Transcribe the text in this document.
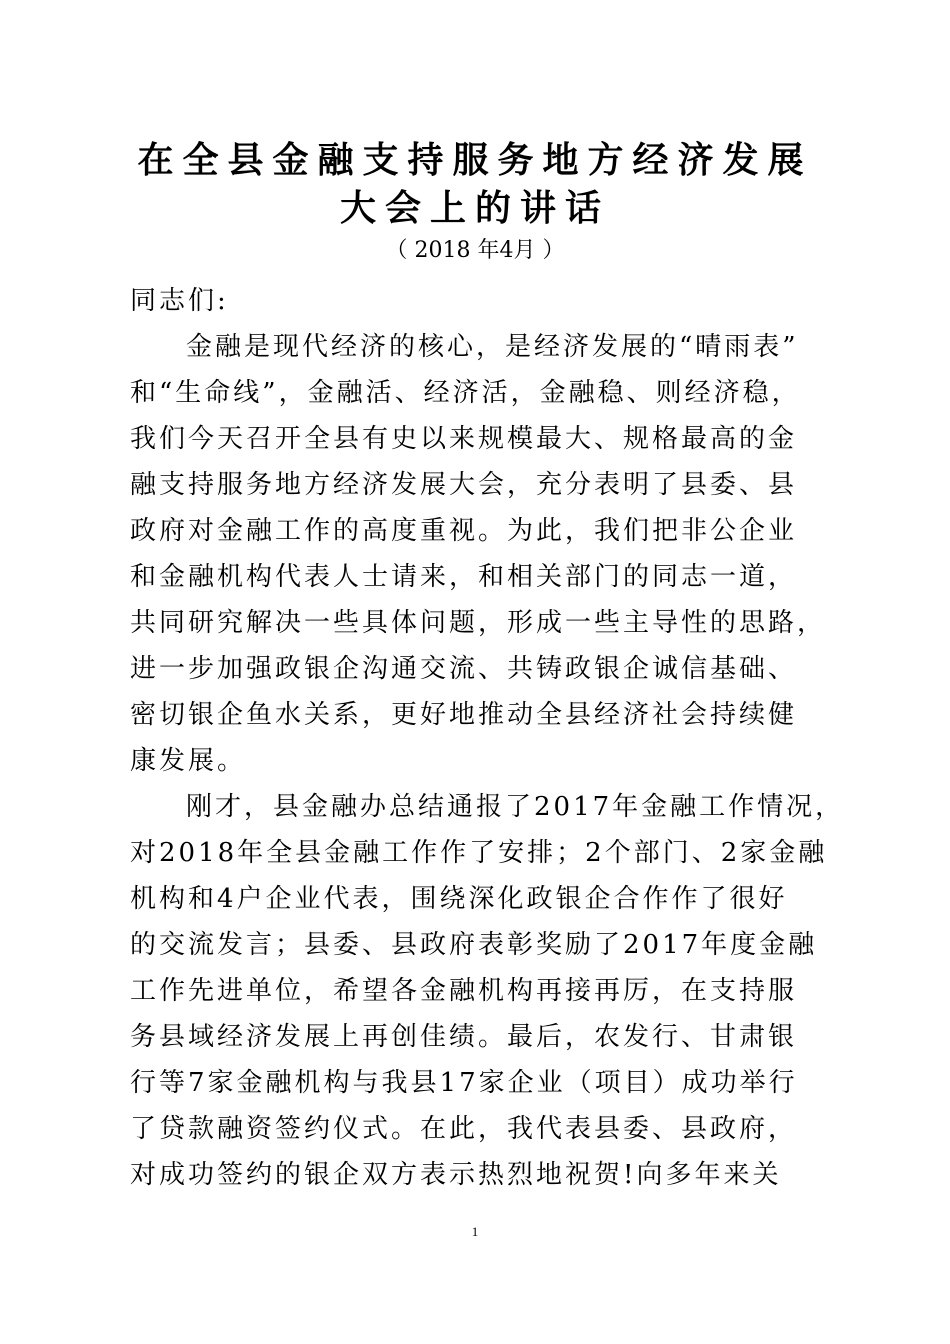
在全县金融支持服务地方经济发展
大会上的讲话
（ 2018 年4月 ）
同志们:
金融是现代经济的核心，是经济发展的“晴雨表”
和“生命线”，金融活、经济活，金融稳、则经济稳，
我们今天召开全县有史以来规模最大、规格最高的金
融支持服务地方经济发展大会，充分表明了县委、县
政府对金融工作的高度重视。为此，我们把非公企业
和金融机构代表人士请来，和相关部门的同志一道，
共同研究解决一些具体问题，形成一些主导性的思路，
进一步加强政银企沟通交流、共铸政银企诚信基础、
密切银企鱼水关系，更好地推动全县经济社会持续健
康发展。
刚才，县金融办总结通报了2017年金融工作情况，
对2018年全县金融工作作了安排；2个部门、2家金融
机构和4户企业代表，围绕深化政银企合作作了很好
的交流发言；县委、县政府表彰奖励了2017年度金融
工作先进单位，希望各金融机构再接再厉，在支持服
务县域经济发展上再创佳绩。最后，农发行、甘肃银
行等7家金融机构与我县17家企业（项目）成功举行
了贷款融资签约仪式。在此，我代表县委、县政府，
对成功签约的银企双方表示热烈地祝贺!向多年来关
1
